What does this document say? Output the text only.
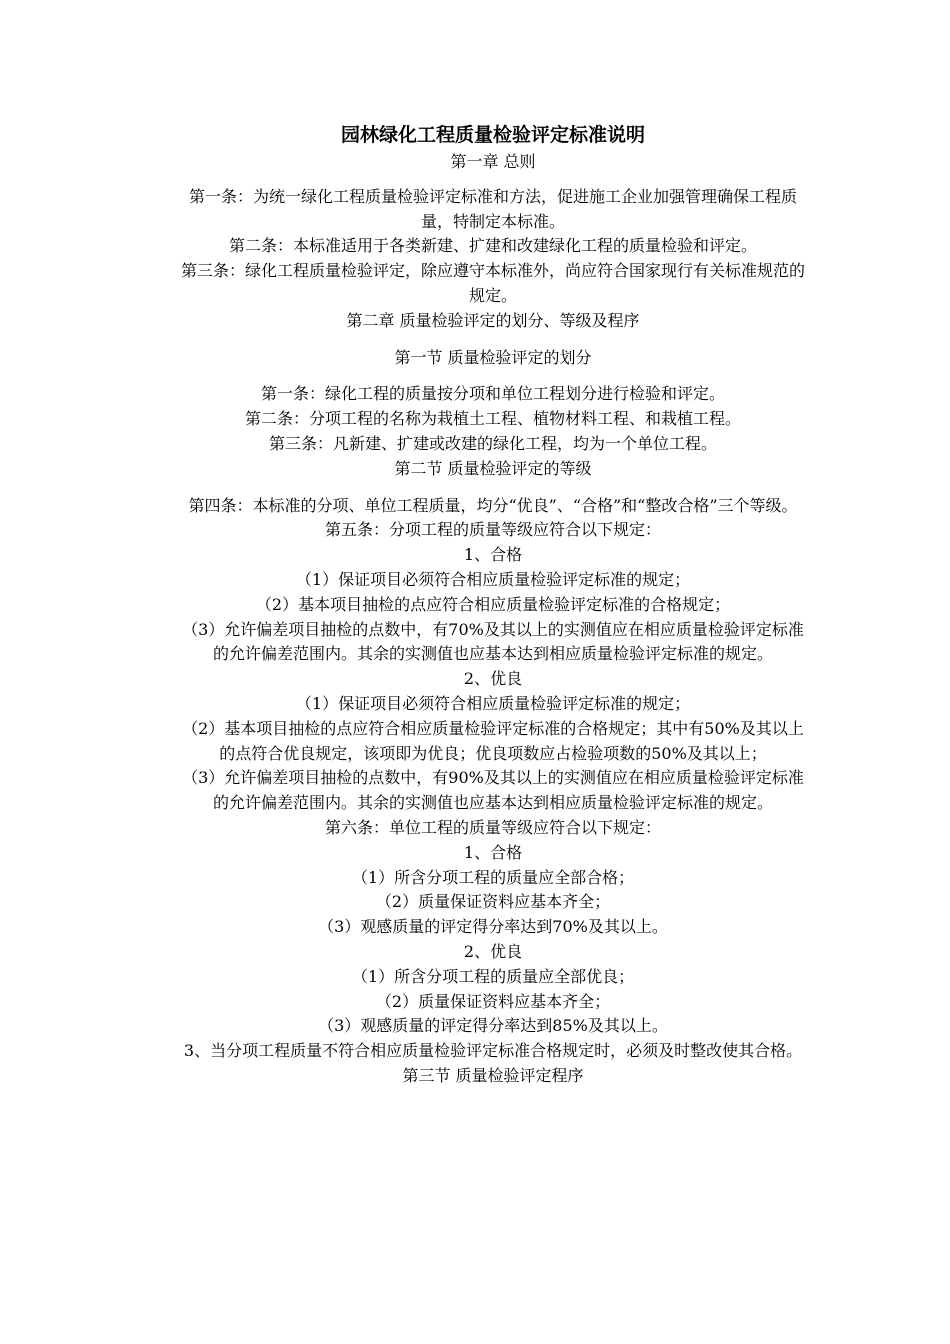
园林绿化工程质量检验评定标准说明
第一章 总则
第一条：为统一绿化工程质量检验评定标准和方法，促进施工企业加强管理确保工程质量，特制定本标准。
第二条：本标准适用于各类新建、扩建和改建绿化工程的质量检验和评定。
第三条：绿化工程质量检验评定，除应遵守本标准外，尚应符合国家现行有关标准规范的规定。
第二章 质量检验评定的划分、等级及程序
第一节 质量检验评定的划分
第一条：绿化工程的质量按分项和单位工程划分进行检验和评定。
第二条：分项工程的名称为栽植土工程、植物材料工程、和栽植工程。
第三条：凡新建、扩建或改建的绿化工程，均为一个单位工程。
第二节 质量检验评定的等级
第四条：本标准的分项、单位工程质量，均分“优良”、“合格”和“整改合格”三个等级。
第五条：分项工程的质量等级应符合以下规定：
1、合格
（1）保证项目必须符合相应质量检验评定标准的规定；
（2）基本项目抽检的点应符合相应质量检验评定标准的合格规定；
（3）允许偏差项目抽检的点数中，有70%及其以上的实测值应在相应质量检验评定标准的允许偏差范围内。其余的实测值也应基本达到相应质量检验评定标准的规定。
2、优良
（1）保证项目必须符合相应质量检验评定标准的规定；
（2）基本项目抽检的点应符合相应质量检验评定标准的合格规定；其中有50%及其以上的点符合优良规定，该项即为优良；优良项数应占检验项数的50%及其以上；
（3）允许偏差项目抽检的点数中，有90%及其以上的实测值应在相应质量检验评定标准的允许偏差范围内。其余的实测值也应基本达到相应质量检验评定标准的规定。
第六条：单位工程的质量等级应符合以下规定：
1、合格
（1）所含分项工程的质量应全部合格；
（2）质量保证资料应基本齐全；
（3）观感质量的评定得分率达到70%及其以上。
2、优良
（1）所含分项工程的质量应全部优良；
（2）质量保证资料应基本齐全；
（3）观感质量的评定得分率达到85%及其以上。
3、当分项工程质量不符合相应质量检验评定标准合格规定时，必须及时整改使其合格。
第三节 质量检验评定程序
